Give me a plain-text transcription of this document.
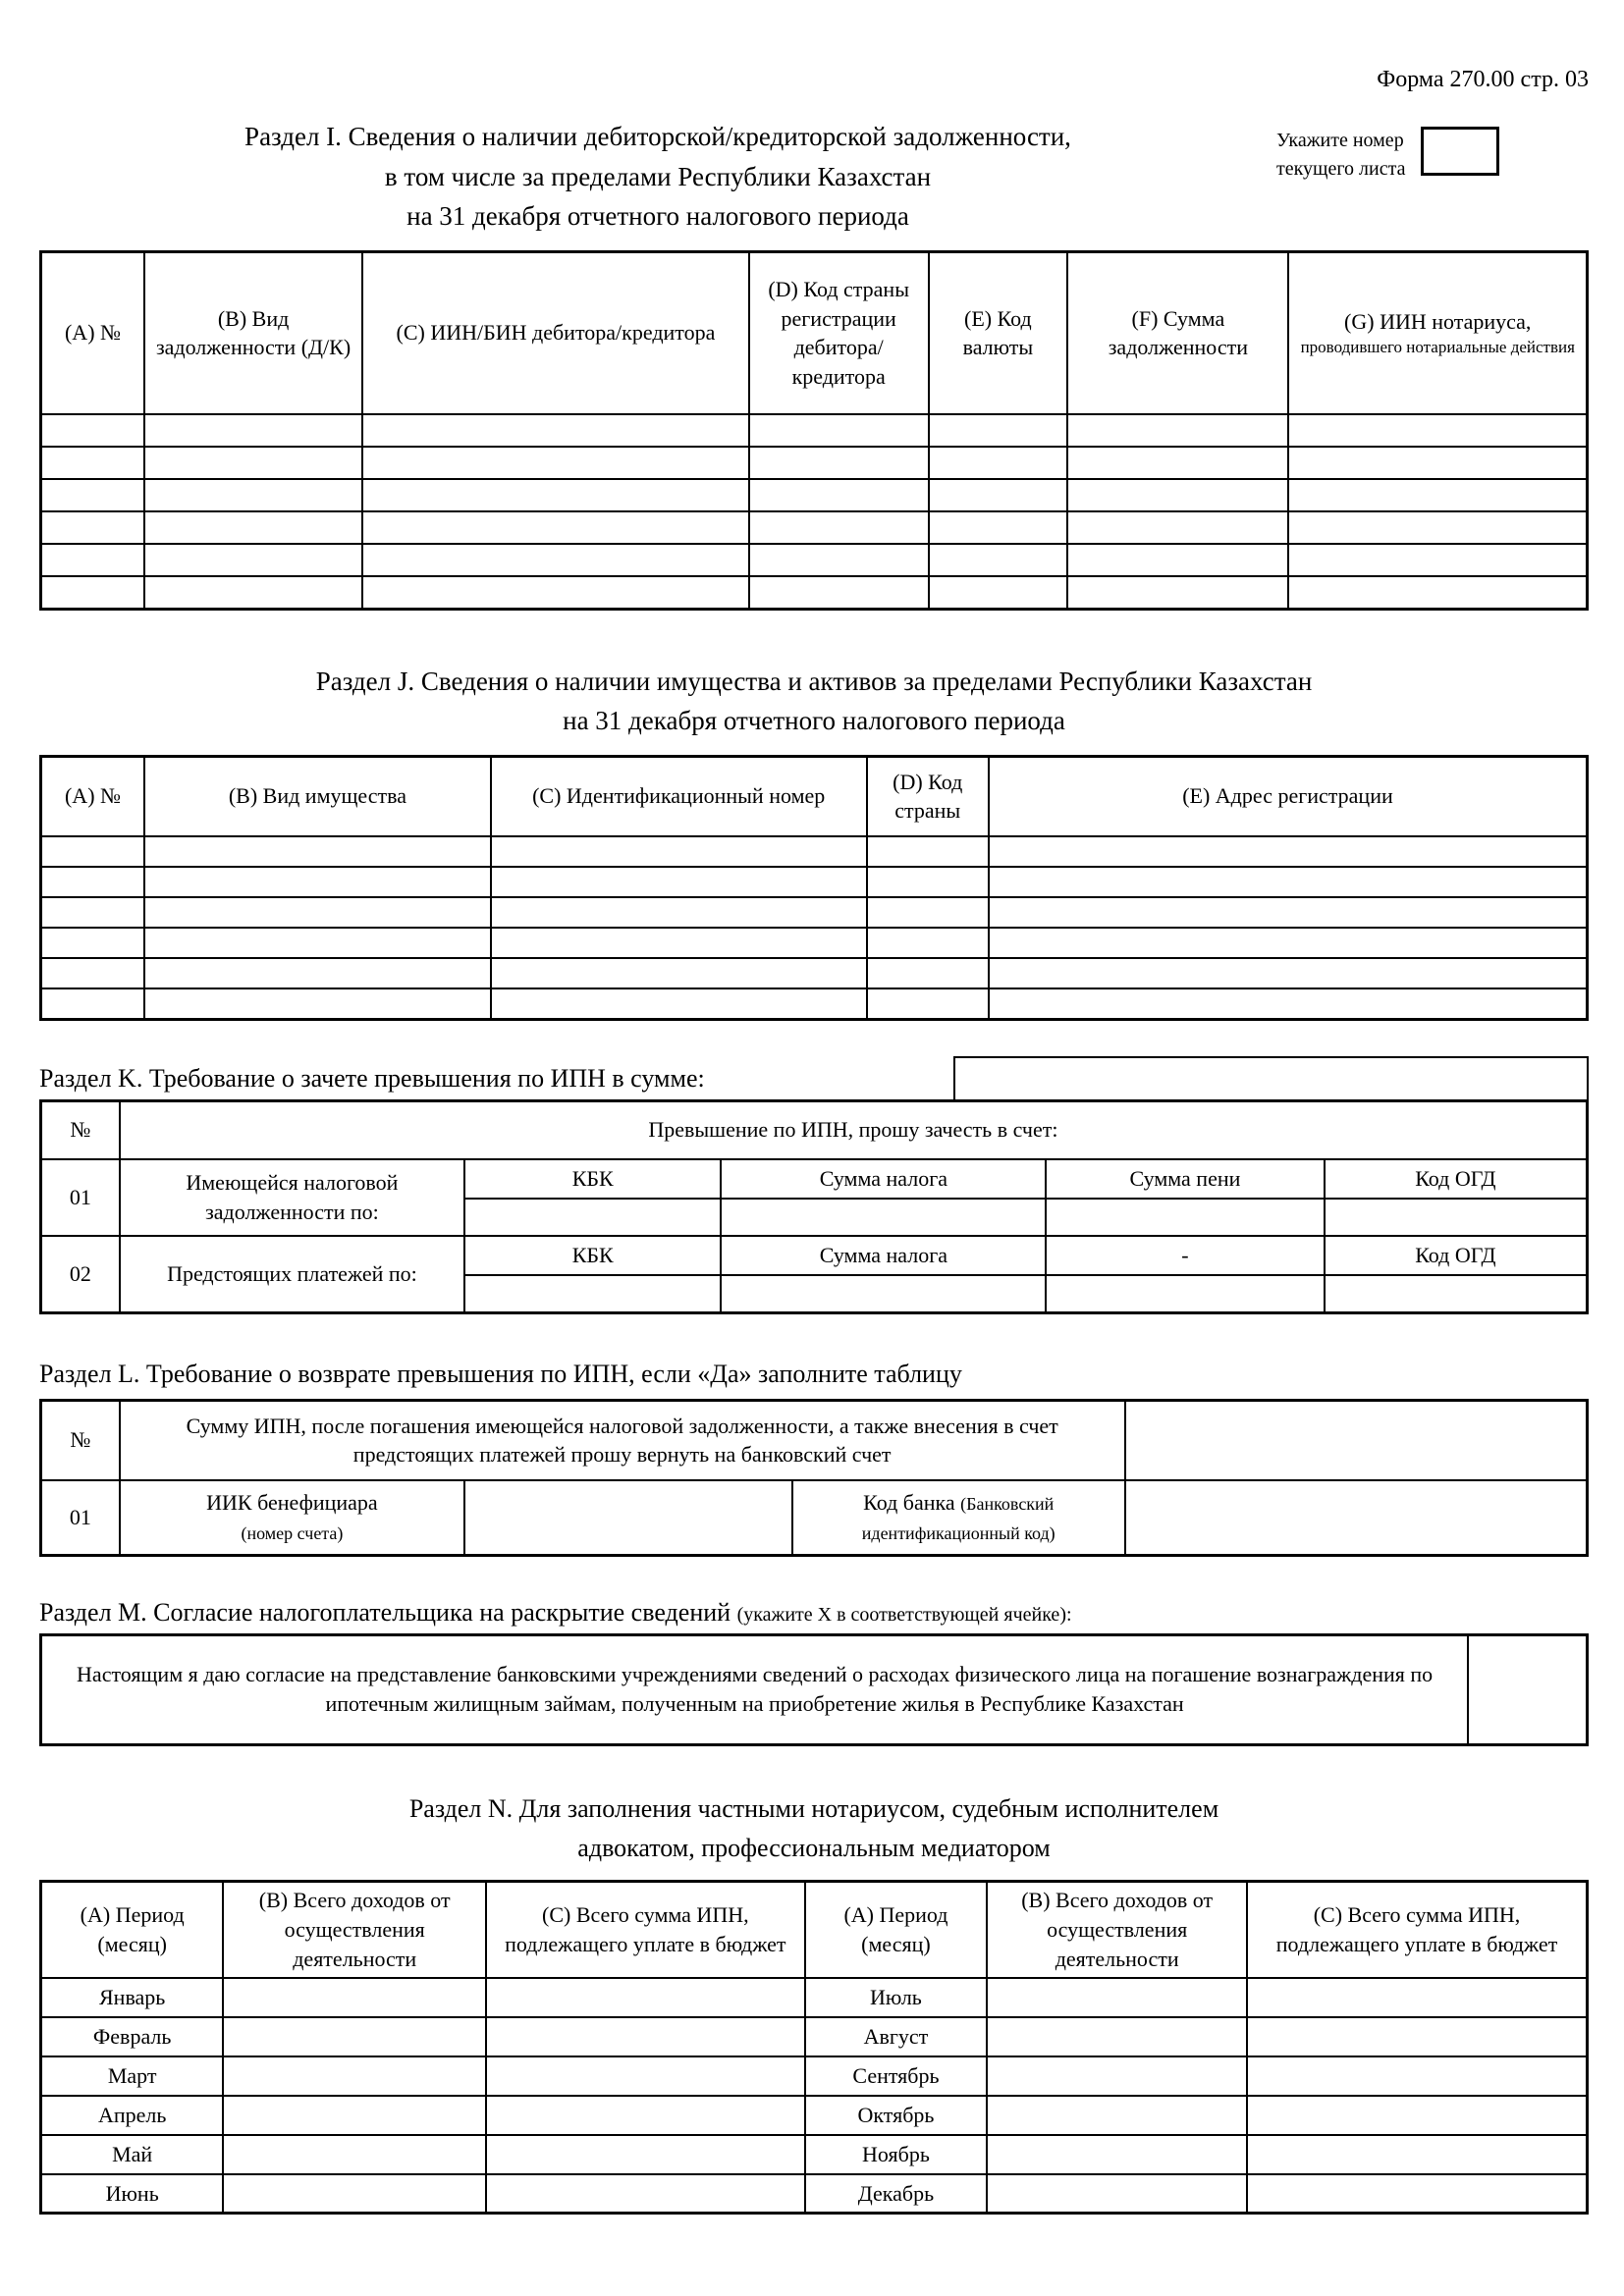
Форма 270.00 стр. 03
Раздел I. Сведения о наличии дебиторской/кредиторской задолженности,
в том числе за пределами Республики Казахстан
на 31 декабря отчетного налогового периода
Укажите номер
текущего листа
(A) №	(B) Вид задолженности (Д/К)	(C) ИИН/БИН дебитора/кредитора	(D) Код страны регистрации дебитора/кредитора	(E) Код валюты	(F) Сумма задолженности	(G) ИИН нотариуса,
проводившего нотариальные действия

Раздел J. Сведения о наличии имущества и активов за пределами Республики Казахстан
на 31 декабря отчетного налогового периода
(A) №	(B) Вид имущества	(C) Идентификационный номер	(D) Код страны	(E) Адрес регистрации

Раздел K. Требование о зачете превышения по ИПН в сумме:
№	Превышение по ИПН, прошу зачесть в счет:				
01	Имеющейся налоговой задолженности по:	КБК	Сумма налога	Сумма пени	Код ОГД

02	Предстоящих платежей по:	КБК	Сумма налога	-	Код ОГД

Раздел L. Требование о возврате превышения по ИПН, если «Да» заполните таблицу
№	Сумму ИПН, после погашения имеющейся налоговой задолженности, а также внесения в счет предстоящих платежей прошу вернуть на банковский счет			
01	ИИК бенефициара
(номер счета)		Код банка (Банковский идентификационный код)	
Раздел M. Согласие налогоплательщика на раскрытие сведений (укажите X в соответствующей ячейке):
Настоящим я даю согласие на представление банковскими учреждениями сведений о расходах физического лица на погашение вознаграждения по ипотечным жилищным займам, полученным на приобретение жилья в Республике Казахстан	
Раздел N. Для заполнения частными нотариусом, судебным исполнителем
адвокатом, профессиональным медиатором
(A) Период (месяц)	(B) Всего доходов от осуществления деятельности	(C) Всего сумма ИПН, подлежащего уплате в бюджет	(A) Период (месяц)	(B) Всего доходов от осуществления деятельности	(C) Всего сумма ИПН, подлежащего уплате в бюджет
Январь			Июль		
Февраль			Август		
Март			Сентябрь		
Апрель			Октябрь		
Май			Ноябрь		
Июнь			Декабрь		
